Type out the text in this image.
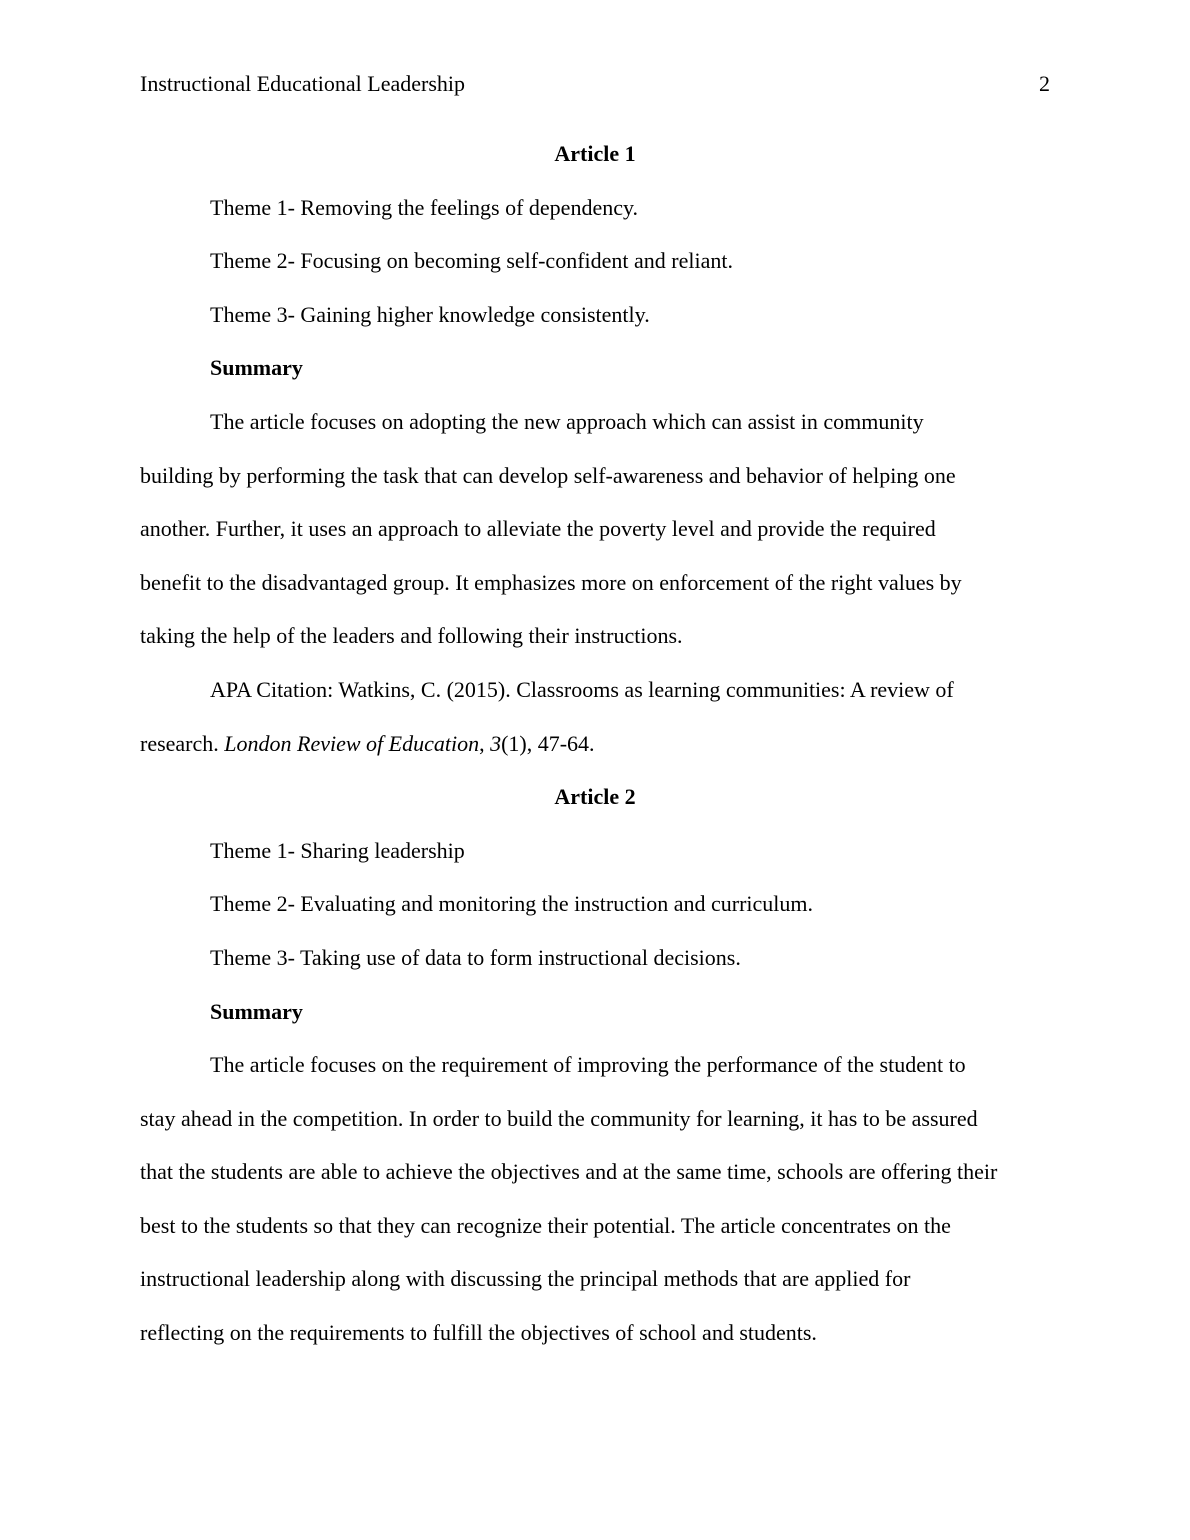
Instructional Educational Leadership	2

Article 1

Theme 1- Removing the feelings of dependency.

Theme 2- Focusing on becoming self-confident and reliant.

Theme 3- Gaining higher knowledge consistently.

Summary

The article focuses on adopting the new approach which can assist in community
building by performing the task that can develop self-awareness and behavior of helping one
another. Further, it uses an approach to alleviate the poverty level and provide the required
benefit to the disadvantaged group. It emphasizes more on enforcement of the right values by
taking the help of the leaders and following their instructions.

APA Citation: Watkins, C. (2015). Classrooms as learning communities: A review of
research. London Review of Education, 3(1), 47-64.

Article 2

Theme 1- Sharing leadership

Theme 2- Evaluating and monitoring the instruction and curriculum.

Theme 3- Taking use of data to form instructional decisions.

Summary

The article focuses on the requirement of improving the performance of the student to
stay ahead in the competition. In order to build the community for learning, it has to be assured
that the students are able to achieve the objectives and at the same time, schools are offering their
best to the students so that they can recognize their potential. The article concentrates on the
instructional leadership along with discussing the principal methods that are applied for
reflecting on the requirements to fulfill the objectives of school and students.
